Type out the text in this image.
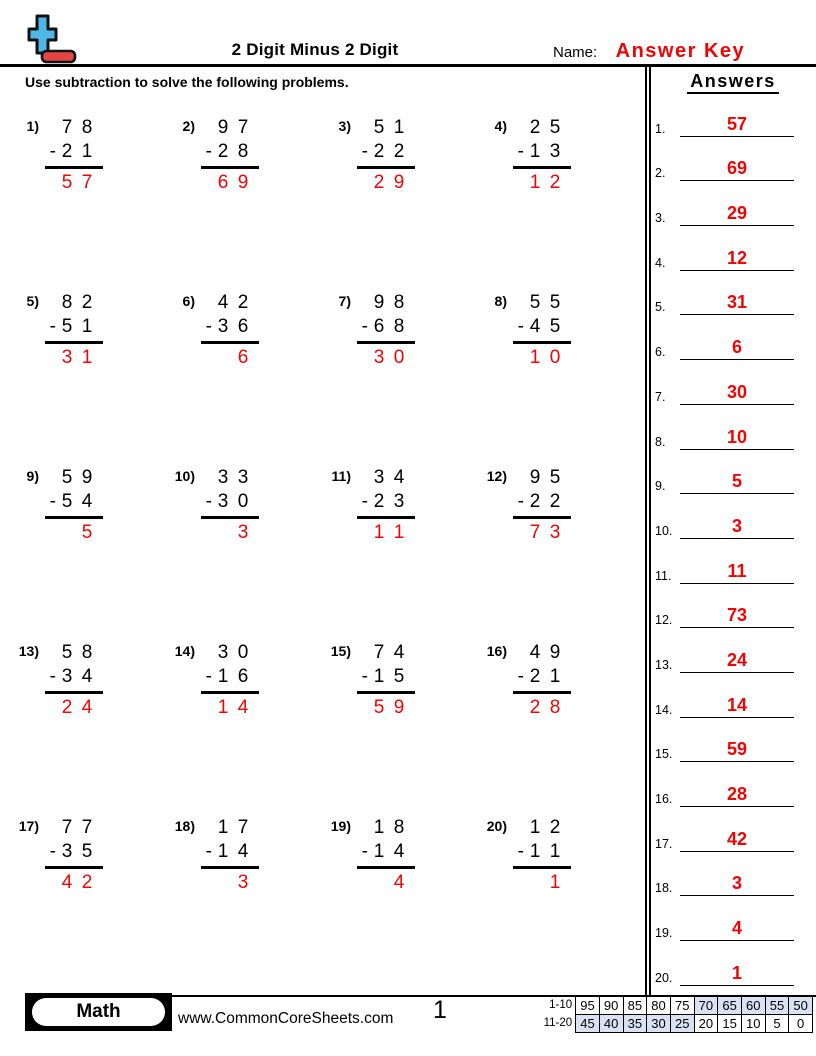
2 Digit Minus 2 Digit	Name: Answer Key
Use subtraction to solve the following problems.
1) 7 8
- 2 1
5 7
2) 9 7
- 2 8
6 9
3) 5 1
- 2 2
2 9
4) 2 5
- 1 3
1 2
5) 8 2
- 5 1
3 1
6) 4 2
- 3 6
6
7) 9 8
- 6 8
3 0
8) 5 5
- 4 5
1 0
9) 5 9
- 5 4
5
10) 3 3
- 3 0
3
11) 3 4
- 2 3
1 1
12) 9 5
- 2 2
7 3
13) 5 8
- 3 4
2 4
14) 3 0
- 1 6
1 4
15) 7 4
- 1 5
5 9
16) 4 9
- 2 1
2 8
17) 7 7
- 3 5
4 2
18) 1 7
- 1 4
3
19) 1 8
- 1 4
4
20) 1 2
- 1 1
1
Answers
1.	57
2.	69
3.	29
4.	12
5.	31
6.	6
7.	30
8.	10
9.	5
10.	3
11.	11
12.	73
13.	24
14.	14
15.	59
16.	28
17.	42
18.	3
19.	4
20.	1
Math	www.CommonCoreSheets.com	1	1-10 95 90 85 80 75 70 65 60 55 50
11-20 45 40 35 30 25 20 15 10 5	0
